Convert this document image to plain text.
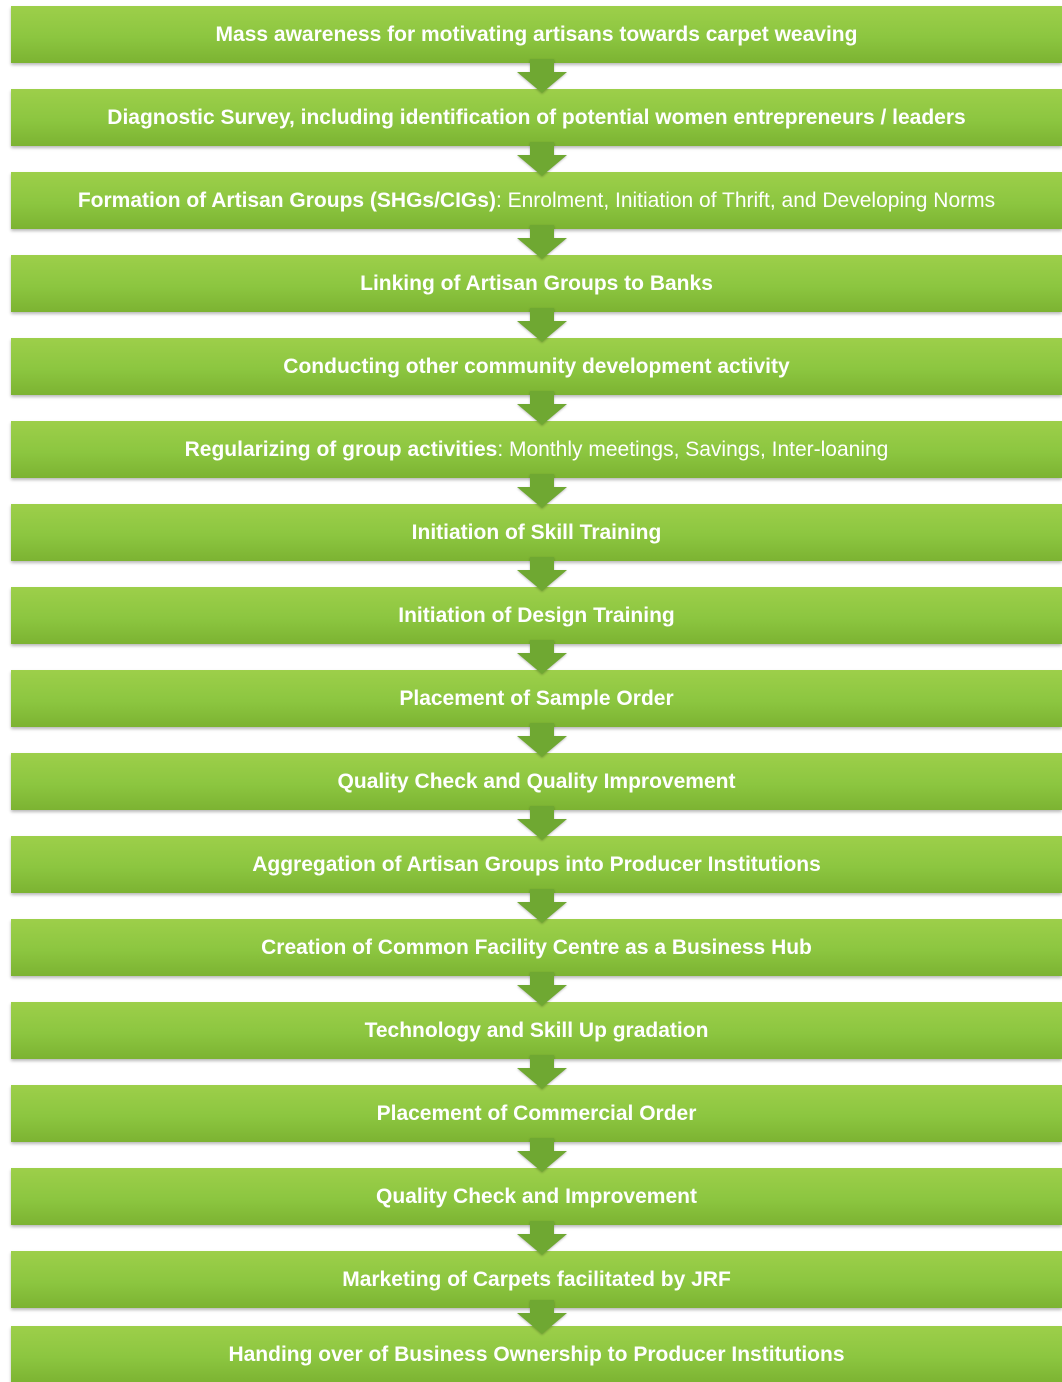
Mass awareness for motivating artisans towards carpet weaving
Diagnostic Survey, including identification of potential women entrepreneurs / leaders
Formation of Artisan Groups (SHGs/CIGs): Enrolment, Initiation of Thrift, and Developing Norms
Linking of Artisan Groups to Banks
Conducting other community development activity
Regularizing of group activities: Monthly meetings, Savings, Inter-loaning
Initiation of Skill Training
Initiation of Design Training
Placement of Sample Order
Quality Check and Quality Improvement
Aggregation of Artisan Groups into Producer Institutions
Creation of Common Facility Centre as a Business Hub
Technology and Skill Up gradation
Placement of Commercial Order
Quality Check and Improvement
Marketing of Carpets facilitated by JRF
Handing over of Business Ownership to Producer Institutions
